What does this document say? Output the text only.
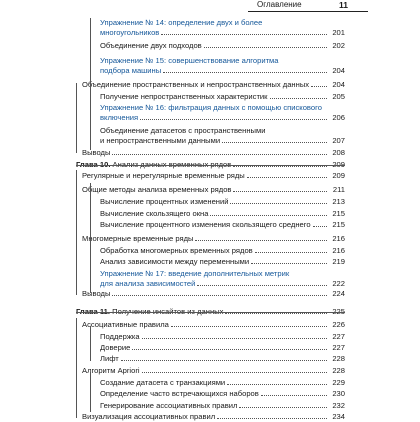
Оглавление	11
Упражнение № 14: определение двух и более
многоугольников	201
Объединение двух подходов	202
Упражнение № 15: совершенствование алгоритма
подбора машины	204
Объединение пространственных и непространственных данных	204
Получение непространственных характеристик	205
Упражнение № 16: фильтрация данных с помощью спискового
включения	206
Объединение датасетов с пространственными
и непространственными данными	207
Выводы	208
Глава 10. Анализ данных временных рядов	209
Регулярные и нерегулярные временные ряды	209
Общие методы анализа временных рядов	211
Вычисление процентных изменений	213
Вычисление скользящего окна	215
Вычисление процентного изменения скользящего среднего	215
Многомерные временные ряды	216
Обработка многомерных временных рядов	216
Анализ зависимости между переменными	219
Упражнение № 17: введение дополнительных метрик
для анализа зависимостей	222
Выводы	224
Глава 11. Получение инсайтов из данных	225
Ассоциативные правила	226
Поддержка	227
Доверие	227
Лифт	228
Алгоритм Apriori	228
Создание датасета с транзакциями	229
Определение часто встречающихся наборов	230
Генерирование ассоциативных правил	232
Визуализация ассоциативных правил	234
